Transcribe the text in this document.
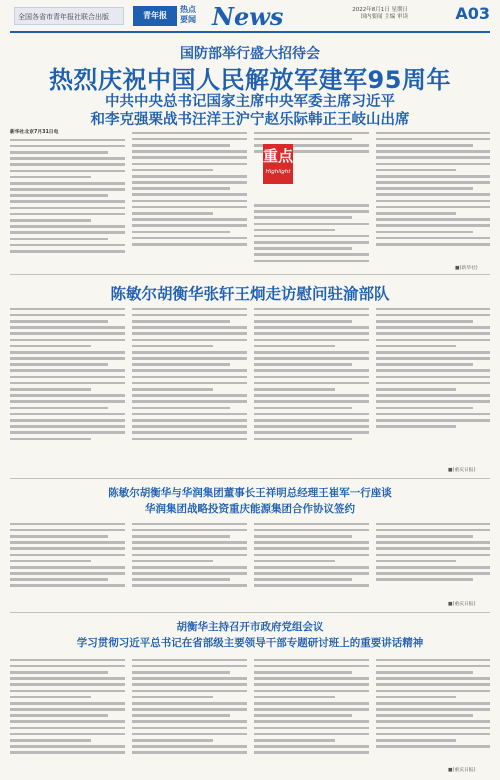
全国各省市青年报社联合出版	青年报
热点
要闻 News	2022年8月1日 星期日
国内要闻 主编 审读	A03
国防部举行盛大招待会
热烈庆祝中国人民解放军建军95周年
中共中央总书记国家主席中央军委主席习近平
和李克强栗战书汪洋王沪宁赵乐际韩正王岐山出席
新华社北京7月31日电
重点
Highlight
■(新华社)
陈敏尔胡衡华张轩王炯走访慰问驻渝部队
■(重庆日报)
陈敏尔胡衡华与华润集团董事长王祥明总经理王崔军一行座谈
华润集团战略投资重庆能源集团合作协议签约
■(重庆日报)
胡衡华主持召开市政府党组会议
学习贯彻习近平总书记在省部级主要领导干部专题研讨班上的重要讲话精神
■(重庆日报)
